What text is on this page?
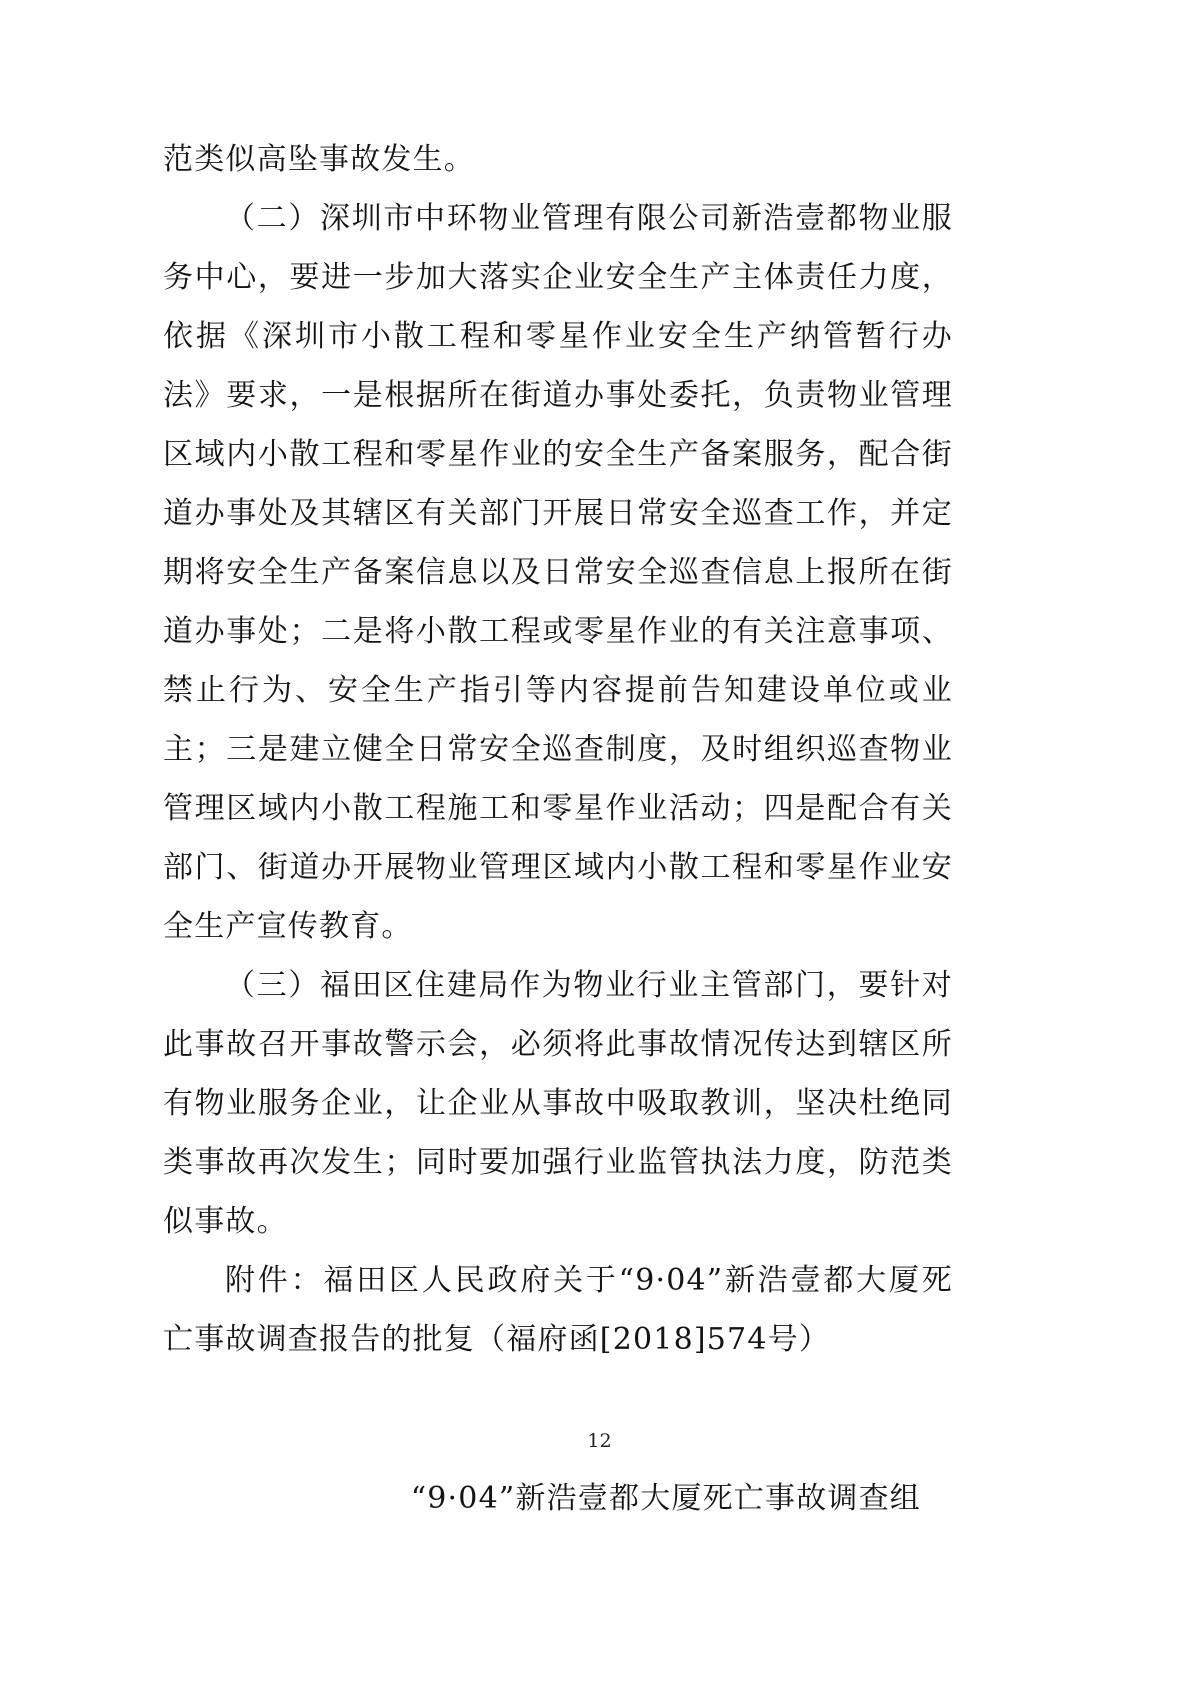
范类似高坠事故发生。

（二）深圳市中环物业管理有限公司新浩壹都物业服务中心，要进一步加大落实企业安全生产主体责任力度，依据《深圳市小散工程和零星作业安全生产纳管暂行办法》要求，一是根据所在街道办事处委托，负责物业管理区域内小散工程和零星作业的安全生产备案服务，配合街道办事处及其辖区有关部门开展日常安全巡查工作，并定期将安全生产备案信息以及日常安全巡查信息上报所在街道办事处；二是将小散工程或零星作业的有关注意事项、禁止行为、安全生产指引等内容提前告知建设单位或业主；三是建立健全日常安全巡查制度，及时组织巡查物业管理区域内小散工程施工和零星作业活动；四是配合有关部门、街道办开展物业管理区域内小散工程和零星作业安全生产宣传教育。

（三）福田区住建局作为物业行业主管部门，要针对此事故召开事故警示会，必须将此事故情况传达到辖区所有物业服务企业，让企业从事故中吸取教训，坚决杜绝同类事故再次发生；同时要加强行业监管执法力度，防范类似事故。

附件：福田区人民政府关于“9·04”新浩壹都大厦死亡事故调查报告的批复（福府函[2018]574号）

“9·04”新浩壹都大厦死亡事故调查组
12
